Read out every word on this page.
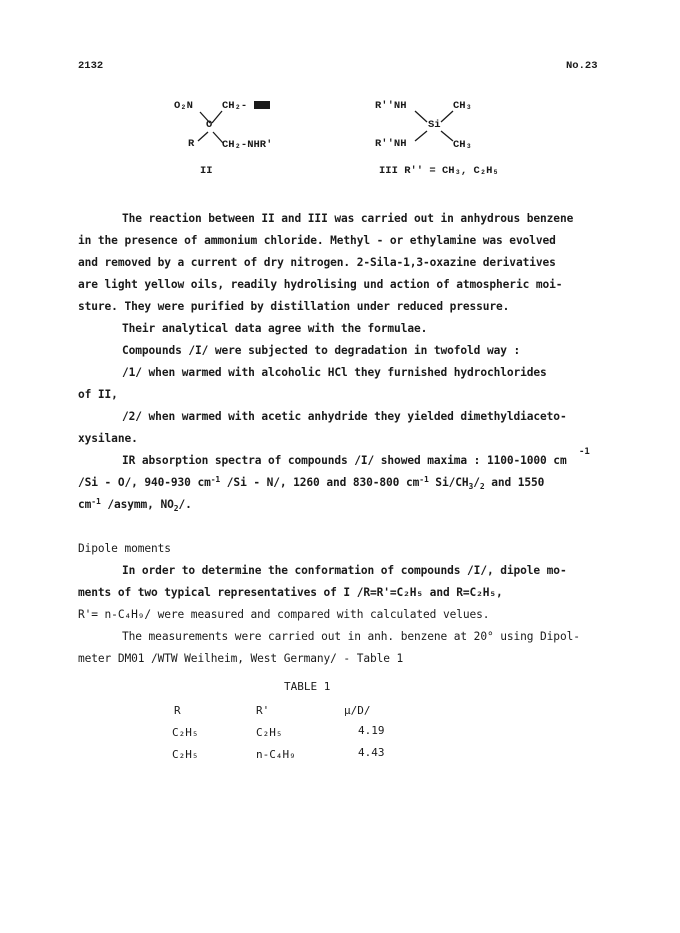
2132	No.23
O₂N	CH₂-
O
R	CH₂-NHR'
II
R''NH	CH₃
Si
R''NH	CH₃
III R'' = CH₃, C₂H₅
The reaction between II and III was carried out in anhydrous benzene
in the presence of ammonium chloride. Methyl - or ethylamine was evolved
and removed by a current of dry nitrogen. 2-Sila-1,3-oxazine derivatives
are light yellow oils, readily hydrolising und action of atmospheric moi-
sture. They were purified by distillation under reduced pressure.
Their analytical data agree with the formulae.
Compounds /I/ were subjected to degradation in twofold way :
/1/ when warmed with alcoholic HCl they furnished hydrochlorides
of II,
/2/ when warmed with acetic anhydride they yielded dimethyldiaceto-
xysilane.
IR absorption spectra of compounds /I/ showed maxima : 1100-1000 cm
-1
/Si - O/, 940-930 $cm^{-1}$ /Si - N/, 1260 and 830-800 $cm^{-1}$ $Si/CH_3/_2$ and 1550
$cm^{-1}$ /asymm, $NO_2/$.
Dipole moments
In order to determine the conformation of compounds /I/, dipole mo-
ments of two typical representatives of I /R=R'=C₂H₅ and R=C₂H₅,
R'= n-C₄H₉/ were measured and compared with calculated velues.
The measurements were carried out in anh. benzene at 20° using Dipol-
meter DM01 /WTW Weilheim, West Germany/ - Table 1
TABLE 1
R	R'	μ/D/
C₂H₅	C₂H₅	4.19
C₂H₅	n-C₄H₉	4.43
